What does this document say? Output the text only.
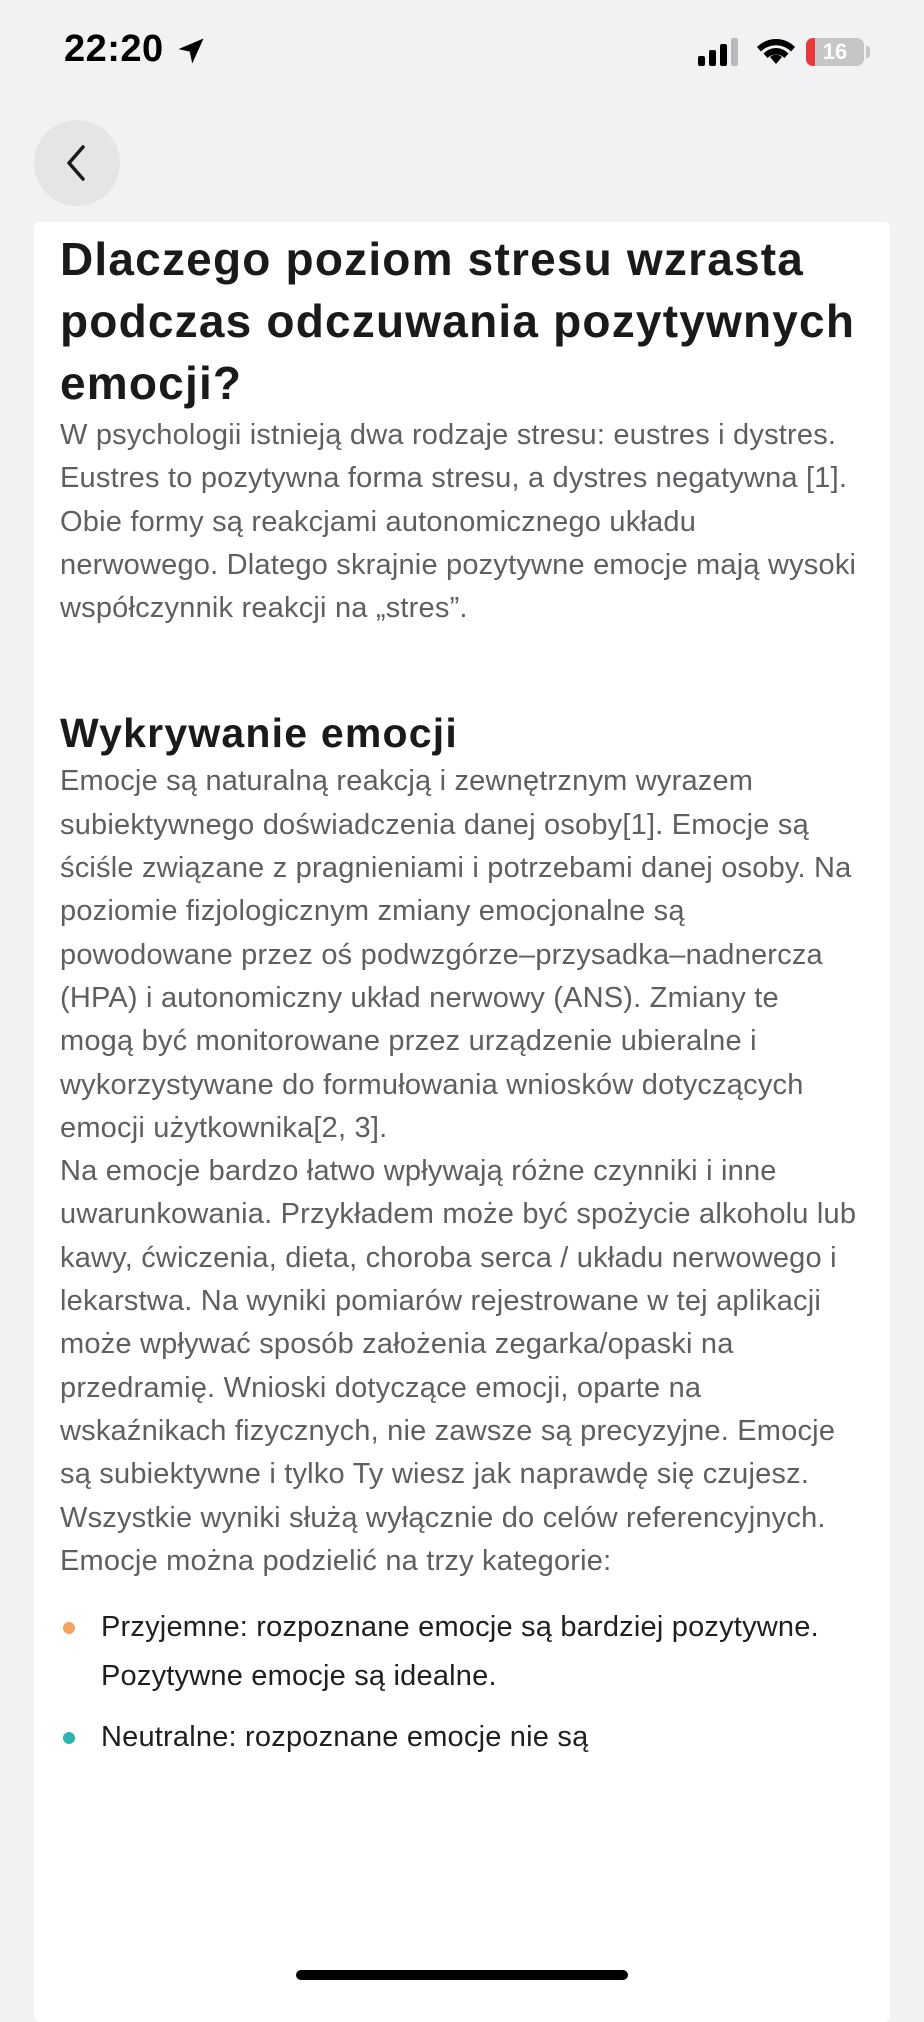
22:20	16
Dlaczego poziom stresu wzrasta podczas odczuwania pozytywnych emocji?

W psychologii istnieją dwa rodzaje stresu: eustres i dystres. Eustres to pozytywna forma stresu, a dystres negatywna [1]. Obie formy są reakcjami autonomicznego układu nerwowego. Dlatego skrajnie pozytywne emocje mają wysoki współczynnik reakcji na „stres”.

Wykrywanie emocji

Emocje są naturalną reakcją i zewnętrznym wyrazem subiektywnego doświadczenia danej osoby[1]. Emocje są ściśle związane z pragnieniami i potrzebami danej osoby. Na poziomie fizjologicznym zmiany emocjonalne są powodowane przez oś podwzgórze–przysadka–nadnercza (HPA) i autonomiczny układ nerwowy (ANS). Zmiany te mogą być monitorowane przez urządzenie ubieralne i wykorzystywane do formułowania wniosków dotyczących emocji użytkownika[2, 3].

Na emocje bardzo łatwo wpływają różne czynniki i inne uwarunkowania. Przykładem może być spożycie alkoholu lub kawy, ćwiczenia, dieta, choroba serca / układu nerwowego i lekarstwa. Na wyniki pomiarów rejestrowane w tej aplikacji może wpływać sposób założenia zegarka/opaski na przedramię. Wnioski dotyczące emocji, oparte na wskaźnikach fizycznych, nie zawsze są precyzyjne. Emocje są subiektywne i tylko Ty wiesz jak naprawdę się czujesz. Wszystkie wyniki służą wyłącznie do celów referencyjnych.

Emocje można podzielić na trzy kategorie:

Przyjemne: rozpoznane emocje są bardziej pozytywne. Pozytywne emocje są idealne.
Neutralne: rozpoznane emocje nie są
